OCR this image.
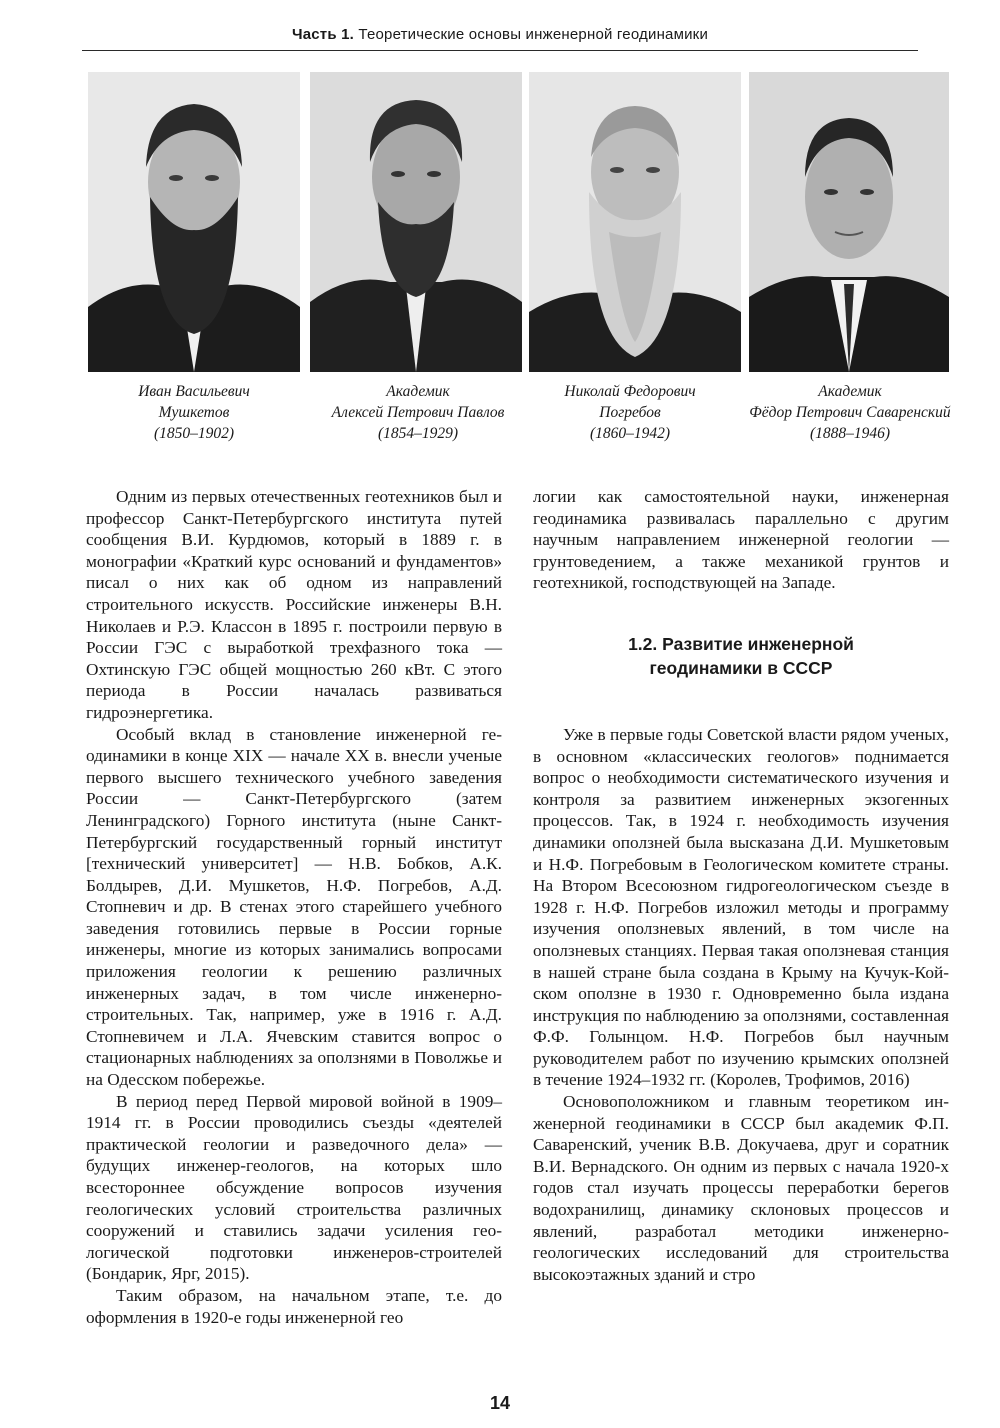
Часть 1. Теоретические основы инженерной геодинамики
Иван Васильевич
Мушкетов
(1850–1902)
Академик
Алексей Петрович Павлов
(1854–1929)
Николай Федорович
Погребов
(1860–1942)
Академик
Фёдор Петрович Саваренский
(1888–1946)

Одним из первых отечественных геотехников был и профессор Санкт-Петербургского института путей сообщения В.И. Курдюмов, который в 1889 г. в монографии «Краткий курс оснований и фундаментов» писал о них как об одном из направлений строительного искусств. Российские инженеры В.Н. Николаев и Р.Э. Классон в 1895 г. построили первую в России ГЭС с выработкой трехфазного тока — Охтинскую ГЭС общей мощностью 260 кВт. С этого периода в России началась развиваться гидроэнергетика.

Особый вклад в становление инженерной геодинамики в конце XIX — начале XX в. внесли ученые первого высшего технического учебного заведения России — Санкт-Петербургского (затем Ленинградского) Горного института (ныне Санкт-Петербургский государственный горный институт [технический университет] — Н.В. Бобков, А.К. Болдырев, Д.И. Мушкетов, Н.Ф. Погребов, А.Д. Стопневич и др. В стенах этого старейшего учебного заведения готовились первые в России горные инженеры, многие из которых занимались вопросами приложения геологии к решению различных инженерных задач, в том числе инженерно-строительных. Так, например, уже в 1916 г. А.Д. Стопневичем и Л.А. Ячевским ставится вопрос о стационарных наблюдениях за оползнями в Поволжье и на Одесском побережье.

В период перед Первой мировой войной в 1909–1914 гг. в России проводились съезды «деятелей практической геологии и разведочного дела» — будущих инженер-геологов, на которых шло всестороннее обсуждение вопросов изучения геологических условий строительства различных сооружений и ставились задачи усиления геологической подготовки инженеров-строителей (Бондарик, Ярг, 2015).

Таким образом, на начальном этапе, т.е. до оформления в 1920-е годы инженерной гео

логии как самостоятельной науки, инженерная геодинамика развивалась параллельно с другим научным направлением инженерной геологии — грунтоведением, а также механикой грунтов и геотехникой, господствующей на Западе.

1.2. Развитие инженерной
геодинамики в СССР

Уже в первые годы Советской власти рядом ученых, в основном «классических геологов» поднимается вопрос о необходимости систематического изучения и контроля за развитием инженерных экзогенных процессов. Так, в 1924 г. необходимость изучения динамики оползней была высказана Д.И. Мушкетовым и Н.Ф. Погребовым в Геологическом комитете страны. На Втором Всесоюзном гидрогеологическом съезде в 1928 г. Н.Ф. Погребов изложил методы и программу изучения оползневых явлений, в том числе на оползневых станциях. Первая такая оползневая станция в нашей стране была создана в Крыму на Кучук-Койском оползне в 1930 г. Одновременно была издана инструкция по наблюдению за оползнями, составленная Ф.Ф. Голынцом. Н.Ф. Погребов был научным руководителем работ по изучению крымских оползней в течение 1924–1932 гг. (Королев, Трофимов, 2016)

Основоположником и главным теоретиком инженерной геодинамики в СССР был академик Ф.П. Саваренский, ученик В.В. Докучаева, друг и соратник В.И. Вернадского. Он одним из первых с начала 1920-х годов стал изучать процессы переработки берегов водохранилищ, динамику склоновых процессов и явлений, разработал методики инженерно-геологических исследований для строительства высокоэтажных зданий и стро

14
